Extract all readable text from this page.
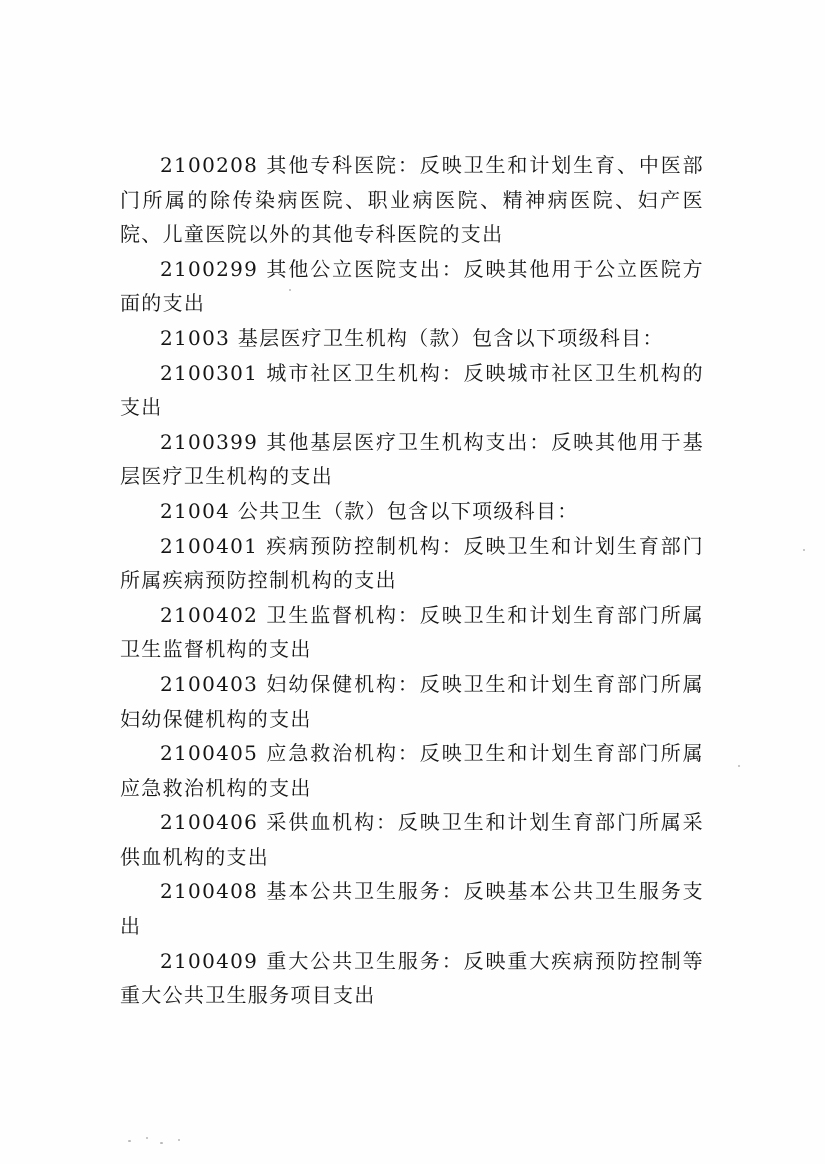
2100208 其他专科医院：反映卫生和计划生育、中医部门所属的除传染病医院、职业病医院、精神病医院、妇产医院、儿童医院以外的其他专科医院的支出

2100299 其他公立医院支出：反映其他用于公立医院方面的支出

21003 基层医疗卫生机构（款）包含以下项级科目：

2100301 城市社区卫生机构：反映城市社区卫生机构的支出

2100399 其他基层医疗卫生机构支出：反映其他用于基层医疗卫生机构的支出

21004 公共卫生（款）包含以下项级科目：

2100401 疾病预防控制机构：反映卫生和计划生育部门所属疾病预防控制机构的支出

2100402 卫生监督机构：反映卫生和计划生育部门所属卫生监督机构的支出

2100403 妇幼保健机构：反映卫生和计划生育部门所属妇幼保健机构的支出

2100405 应急救治机构：反映卫生和计划生育部门所属应急救治机构的支出

2100406 采供血机构：反映卫生和计划生育部门所属采供血机构的支出

2100408 基本公共卫生服务：反映基本公共卫生服务支出

2100409 重大公共卫生服务：反映重大疾病预防控制等重大公共卫生服务项目支出
